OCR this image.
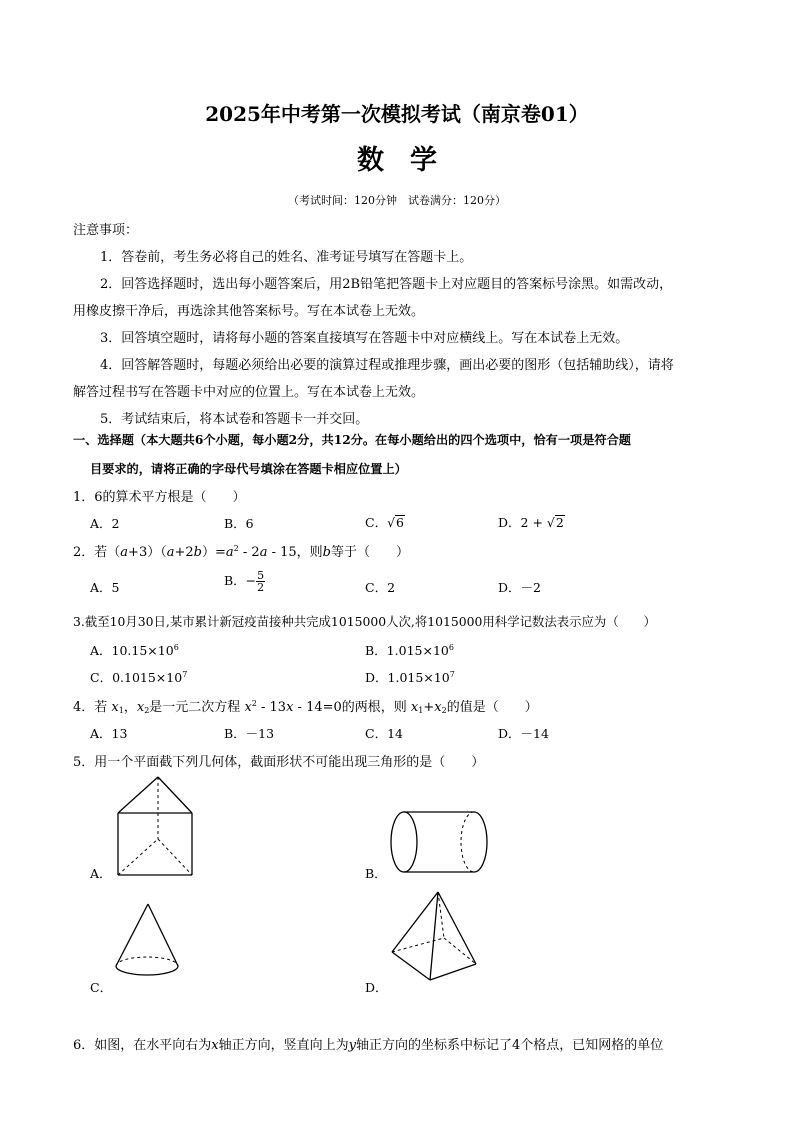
2025年中考第一次模拟考试（南京卷01）
数学
（考试时间：120分钟　试卷满分：120分）
注意事项：
1．答卷前，考生务必将自己的姓名、准考证号填写在答题卡上。
2．回答选择题时，选出每小题答案后，用2B铅笔把答题卡上对应题目的答案标号涂黑。如需改动，
用橡皮擦干净后，再选涂其他答案标号。写在本试卷上无效。
3．回答填空题时，请将每小题的答案直接填写在答题卡中对应横线上。写在本试卷上无效。
4．回答解答题时，每题必须给出必要的演算过程或推理步骤，画出必要的图形（包括辅助线），请将
解答过程书写在答题卡中对应的位置上。写在本试卷上无效。
5．考试结束后，将本试卷和答题卡一并交回。
一、选择题（本大题共6个小题，每小题2分，共12分。在每小题给出的四个选项中，恰有一项是符合题
目要求的，请将正确的字母代号填涂在答题卡相应位置上）
1．6的算术平方根是（　　）
A．2	B．6	C．√6	D．2 + √2
2．若$(a+3)(a+2b)=a^2 - 2a - 15$，则b等于（　　）
A．5	B．− $\frac{5}{2}$	C．2	D．－2
3.截至10月30日,某市累计新冠疫苗接种共完成1015000人次,将1015000用科学记数法表示应为（　　）
A．$10.15\times 10^6$	B．$1.015\times 10^6$
C．$0.1015\times 10^7$	D．$1.015\times 10^7$
4．若 $x_1$，$x_2$是一元二次方程 $x^2 - 13x - 14=0$的两根，则 $x_1+x_2$的值是（　　）
A．13	B．－13	C．14	D．－14
5．用一个平面截下列几何体，截面形状不可能出现三角形的是（　　）
A．	B．
C．	D．
6．如图，在水平向右为x轴正方向，竖直向上为y轴正方向的坐标系中标记了4个格点，已知网格的单位
